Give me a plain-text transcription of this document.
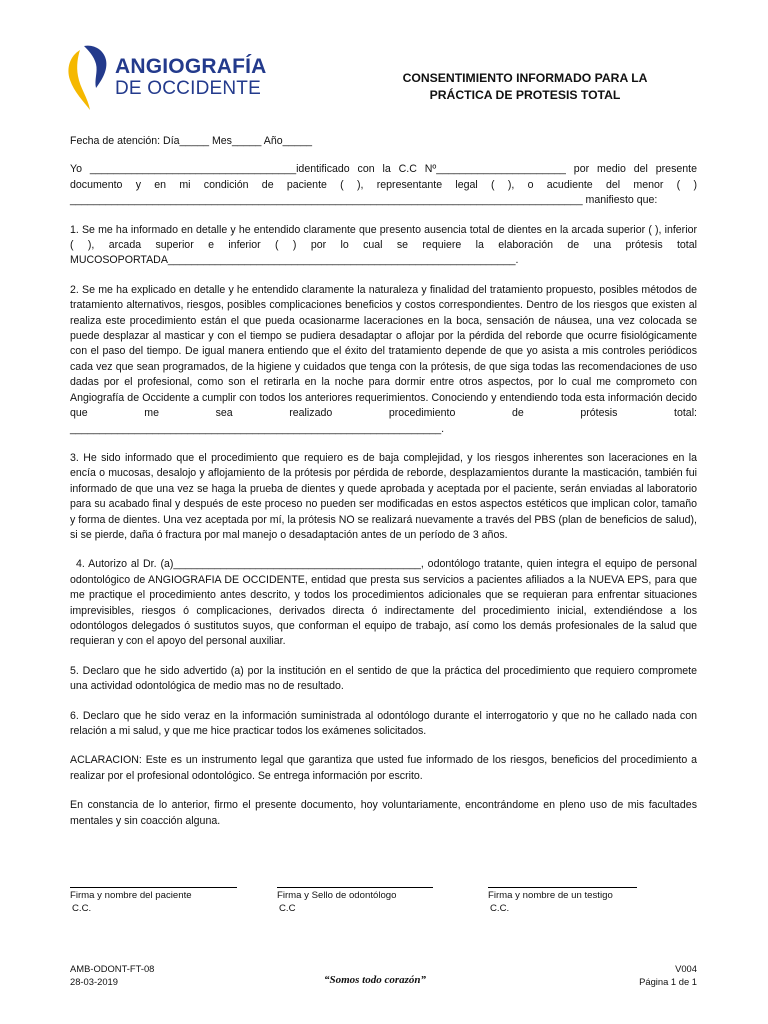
ANGIOGRAFÍA
DE OCCIDENTE	CONSENTIMIENTO INFORMADO PARA LA
PRÁCTICA DE PROTESIS TOTAL

Fecha de atención: Día_____ Mes_____ Año_____

Yo ___________________________________identificado con la C.C Nº______________________ por medio del presente documento y en mi condición de paciente ( ), representante legal ( ), o acudiente del menor ( ) _______________________________________________________________________________________ manifiesto que:

1. Se me ha informado en detalle y he entendido claramente que presento ausencia total de dientes en la arcada superior ( ), inferior ( ), arcada superior e inferior ( ) por lo cual se requiere la elaboración de una prótesis total MUCOSOPORTADA___________________________________________________________.

2. Se me ha explicado en detalle y he entendido claramente la naturaleza y finalidad del tratamiento propuesto, posibles métodos de tratamiento alternativos, riesgos, posibles complicaciones beneficios y costos correspondientes. Dentro de los riesgos que existen al realiza este procedimiento están el que pueda ocasionarme laceraciones en la boca, sensación de náusea, una vez colocada se puede desplazar al masticar y con el tiempo se pudiera desadaptar o aflojar por la pérdida del reborde que ocurre fisiológicamente con el paso del tiempo. De igual manera entiendo que el éxito del tratamiento depende de que yo asista a mis controles periódicos cada vez que sean programados, de la higiene y cuidados que tenga con la prótesis, de que siga todas las recomendaciones de uso dadas por el profesional, como son el retirarla en la noche para dormir entre otros aspectos, por lo cual me comprometo con Angiografía de Occidente a cumplir con todos los anteriores requerimientos. Conociendo y entendiendo toda esta información decido que me sea realizado procedimiento de prótesis total: _______________________________________________________________.

3. He sido informado que el procedimiento que requiero es de baja complejidad, y los riesgos inherentes son laceraciones en la encía o mucosas, desalojo y aflojamiento de la prótesis por pérdida de reborde, desplazamientos durante la masticación, también fui informado de que una vez se haga la prueba de dientes y quede aprobada y aceptada por el paciente, serán enviadas al laboratorio para su acabado final y después de este proceso no pueden ser modificadas en estos aspectos estéticos que implican color, tamaño y forma de dientes. Una vez aceptada por mí, la prótesis NO se realizará nuevamente a través del PBS (plan de beneficios de salud), si se pierde, daña ó fractura por mal manejo o desadaptación antes de un período de 3 años.

4. Autorizo al Dr. (a)__________________________________________, odontólogo tratante, quien integra el equipo de personal odontológico de ANGIOGRAFIA DE OCCIDENTE, entidad que presta sus servicios a pacientes afiliados a la NUEVA EPS, para que me practique el procedimiento antes descrito, y todos los procedimientos adicionales que se requieran para enfrentar situaciones imprevisibles, riesgos ó complicaciones, derivados directa ó indirectamente del procedimiento inicial, extendiéndose a los odontólogos delegados ó sustitutos suyos, que conforman el equipo de trabajo, así como los demás profesionales de la salud que requieran y con el apoyo del personal auxiliar.

5. Declaro que he sido advertido (a) por la institución en el sentido de que la práctica del procedimiento que requiero compromete una actividad odontológica de medio mas no de resultado.

6. Declaro que he sido veraz en la información suministrada al odontólogo durante el interrogatorio y que no he callado nada con relación a mi salud, y que me hice practicar todos los exámenes solicitados.

ACLARACION: Este es un instrumento legal que garantiza que usted fue informado de los riesgos, beneficios del procedimiento a realizar por el profesional odontológico. Se entrega información por escrito.

En constancia de lo anterior, firmo el presente documento, hoy voluntariamente, encontrándome en pleno uso de mis facultades mentales y sin coacción alguna.

Firma y nombre del paciente
C.C.
Firma y Sello de odontólogo
C.C
Firma y nombre de un testigo
C.C.
AMB-ODONT-FT-08
28-03-2019	“Somos todo corazón”
V004
Página 1 de 1
